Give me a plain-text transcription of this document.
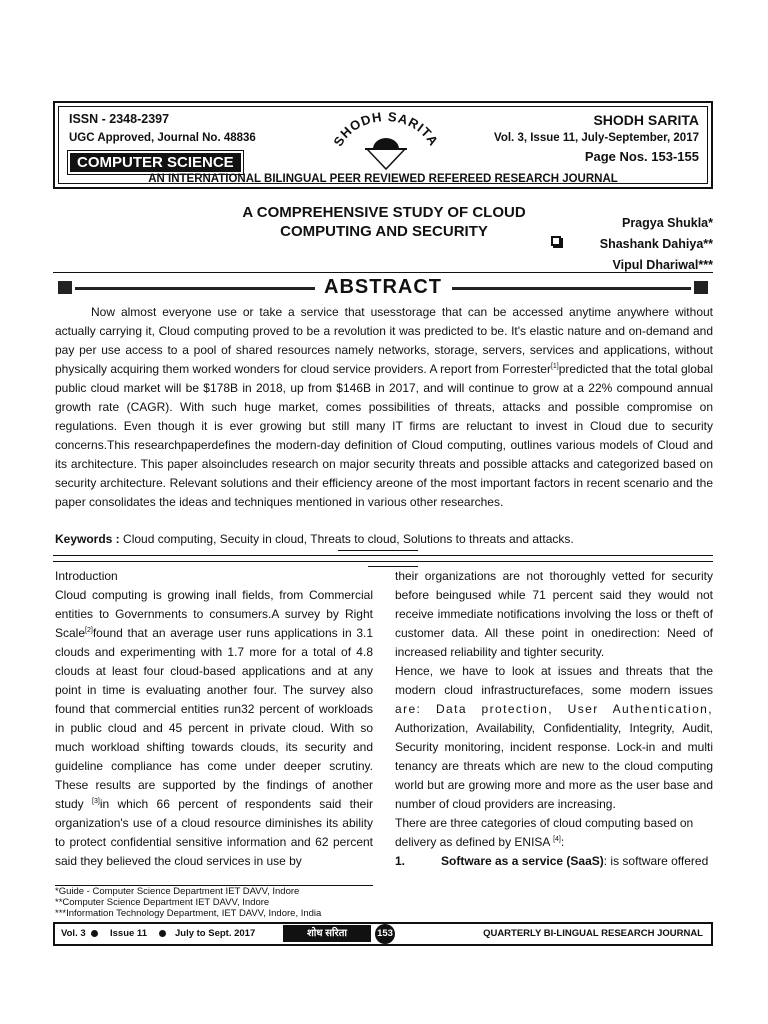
ISSN - 2348-2397
UGC Approved, Journal No. 48836
COMPUTER SCIENCE
SHODH SARITA
SHODH SARITA
Vol. 3, Issue 11, July-September, 2017
Page Nos. 153-155
AN INTERNATIONAL BILINGUAL PEER REVIEWED REFEREED RESEARCH JOURNAL
A COMPREHENSIVE STUDY OF CLOUD
COMPUTING AND SECURITY	Pragya Shukla*
Shashank Dahiya**
Vipul Dhariwal***
ABSTRACT

Now almost everyone use or take a service that usesstorage that can be accessed anytime anywhere without actually carrying it, Cloud computing proved to be a revolution it was predicted to be. It's elastic nature and on-demand and pay per use access to a pool of shared resources namely networks, storage, servers, services and applications, without physically acquiring them worked wonders for cloud service providers. A report from Forrester[1]predicted that the total global public cloud market will be $178B in 2018, up from $146B in 2017, and will continue to grow at a 22% compound annual growth rate (CAGR). With such huge market, comes possibilities of threats, attacks and possible compromise on regulations. Even though it is ever growing but still many IT firms are reluctant to invest in Cloud due to security concerns.This researchpaperdefines the modern-day definition of Cloud computing, outlines various models of Cloud and its architecture. This paper alsoincludes research on major security threats and possible attacks and categorized based on security architecture. Relevant solutions and their efficiency areone of the most important factors in recent scenario and the paper consolidates the ideas and techniques mentioned in various other researches.

Keywords : Cloud computing, Secuity in cloud, Threats to cloud, Solutions to threats and attacks.

Introduction

Cloud computing is growing inall fields, from Commercial entities to Governments to consumers.A survey by Right Scale[2]found that an average user runs applications in 3.1 clouds and experimenting with 1.7 more for a total of 4.8 clouds at least four cloud-based applications and at any point in time is evaluating another four. The survey also found that commercial entities run32 percent of workloads in public cloud and 45 percent in private cloud. With so much workload shifting towards clouds, its security and guideline compliance has come under deeper scrutiny. These results are supported by the findings of another study [3]in which 66 percent of respondents said their organization's use of a cloud resource diminishes its ability to protect confidential sensitive information and 62 percent said they believed the cloud services in use by

their organizations are not thoroughly vetted for security before beingused while 71 percent said they would not receive immediate notifications involving the loss or theft of customer data. All these point in onedirection: Need of increased reliability and tighter security.

Hence, we have to look at issues and threats that the modern cloud infrastructurefaces, some modern issues are: Data protection, User Authentication, Authorization, Availability, Confidentiality, Integrity, Audit, Security monitoring, incident response. Lock-in and multi tenancy are threats which are new to the cloud computing world but are growing more and more as the user base and number of cloud providers are increasing.

There are three categories of cloud computing based on delivery as defined by ENISA [4]:

1.	Software as a service (SaaS): is software offered

*Guide - Computer Science Department IET DAVV, Indore
**Computer Science Department IET DAVV, Indore
***Information Technology Department, IET DAVV, Indore, India
Vol. 3	Issue 11	July to Sept. 2017	शोध सरिता	153	QUARTERLY BI-LINGUAL RESEARCH JOURNAL
